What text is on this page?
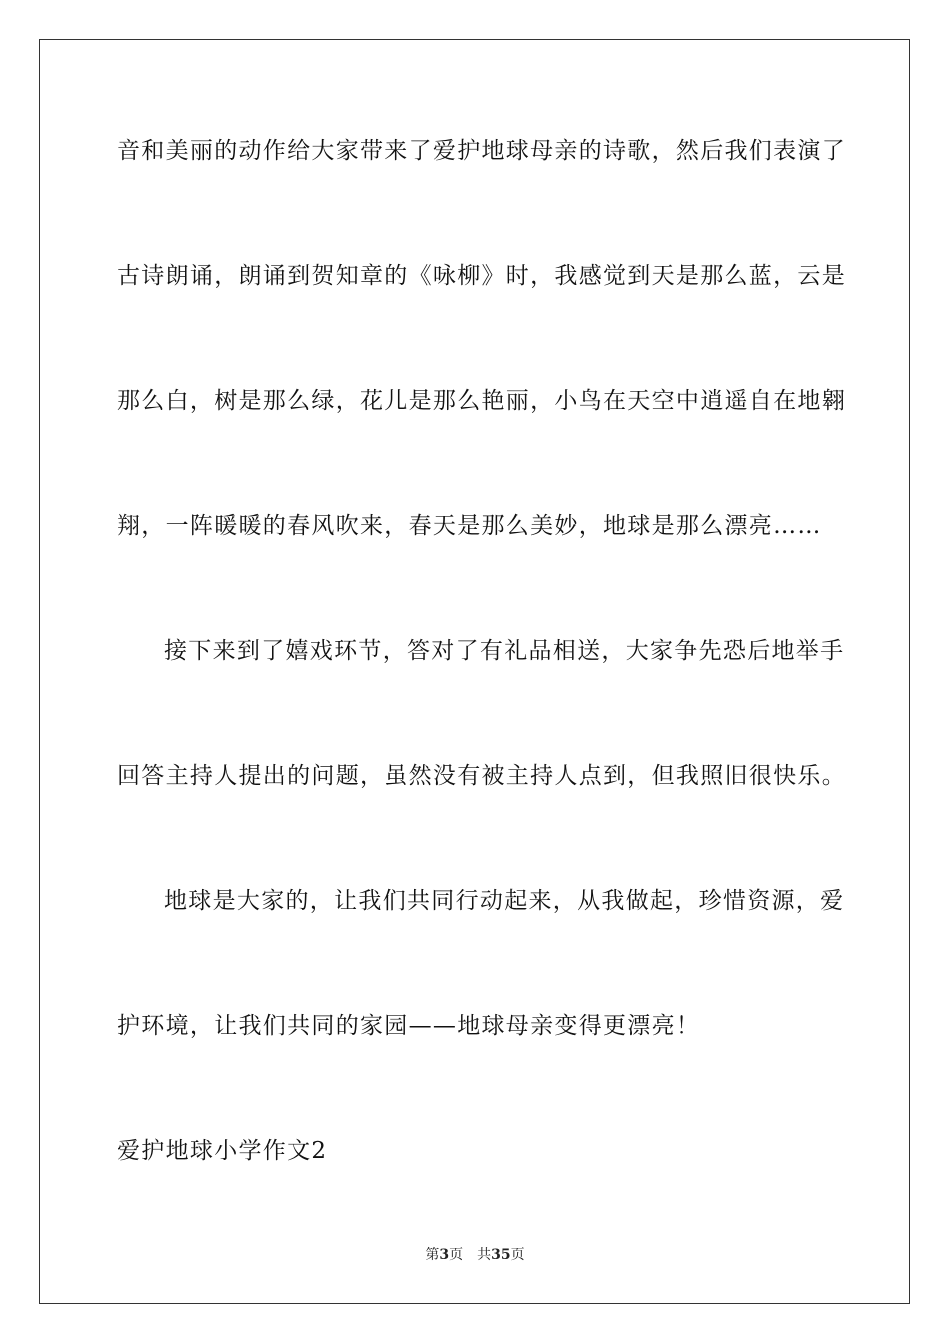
音和美丽的动作给大家带来了爱护地球母亲的诗歌，然后我们表演了
古诗朗诵，朗诵到贺知章的《咏柳》时，我感觉到天是那么蓝，云是
那么白，树是那么绿，花儿是那么艳丽，小鸟在天空中逍遥自在地翱
翔，一阵暖暖的春风吹来，春天是那么美妙，地球是那么漂亮……
接下来到了嬉戏环节，答对了有礼品相送，大家争先恐后地举手
回答主持人提出的问题，虽然没有被主持人点到，但我照旧很快乐。
地球是大家的，让我们共同行动起来，从我做起，珍惜资源，爱
护环境，让我们共同的家园——地球母亲变得更漂亮！
爱护地球小学作文2
第3页 共35页
